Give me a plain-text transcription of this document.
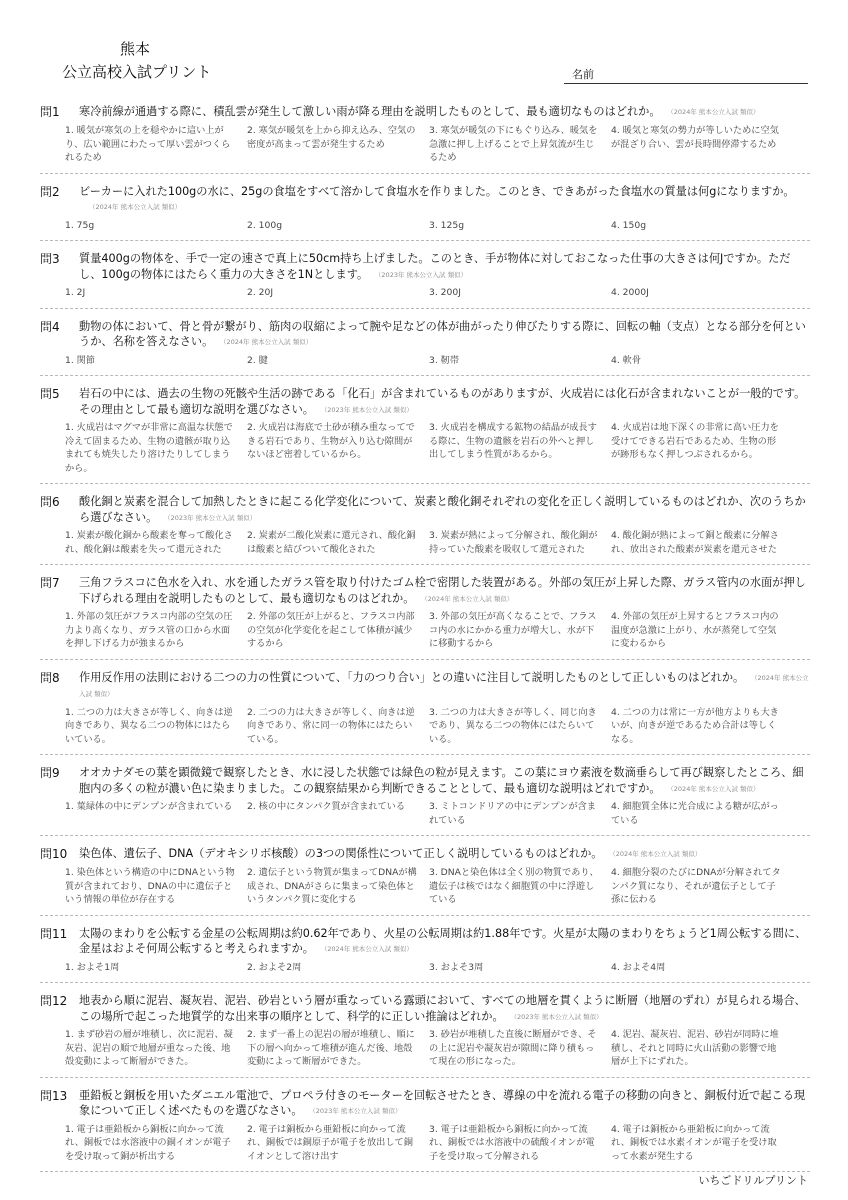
熊本
公立高校入試プリント	名前
問1	寒冷前線が通過する際に、積乱雲が発生して激しい雨が降る理由を説明したものとして、最も適切なものはどれか。 （2024年 熊本公立入試 類似）
1. 暖気が寒気の上を穏やかに這い上がり、広い範囲にわたって厚い雲がつくられるため
2. 寒気が暖気を上から抑え込み、空気の密度が高まって雲が発生するため
3. 寒気が暖気の下にもぐり込み、暖気を急激に押し上げることで上昇気流が生じるため
4. 暖気と寒気の勢力が等しいために空気が混ざり合い、雲が長時間停滞するため
問2	ビーカーに入れた100gの水に、25gの食塩をすべて溶かして食塩水を作りました。このとき、できあがった食塩水の質量は何gになりますか。（2024年 熊本公立入試 類似）
1. 75g	2. 100g	3. 125g	4. 150g
問3	質量400gの物体を、手で一定の速さで真上に50cm持ち上げました。このとき、手が物体に対しておこなった仕事の大きさは何Jですか。ただし、100gの物体にはたらく重力の大きさを1Nとします。 （2023年 熊本公立入試 類似）
1. 2J	2. 20J	3. 200J	4. 2000J
問4	動物の体において、骨と骨が繋がり、筋肉の収縮によって腕や足などの体が曲がったり伸びたりする際に、回転の軸（支点）となる部分を何というか、名称を答えなさい。 （2024年 熊本公立入試 類似）
1. 関節	2. 腱	3. 靭帯	4. 軟骨
問5	岩石の中には、過去の生物の死骸や生活の跡である「化石」が含まれているものがありますが、火成岩には化石が含まれないことが一般的です。その理由として最も適切な説明を選びなさい。 （2023年 熊本公立入試 類似）
1. 火成岩はマグマが非常に高温な状態で冷えて固まるため、生物の遺骸が取り込まれても焼失したり溶けたりしてしまうから。
2. 火成岩は海底で土砂が積み重なってできる岩石であり、生物が入り込む隙間がないほど密着しているから。
3. 火成岩を構成する鉱物の結晶が成長する際に、生物の遺骸を岩石の外へと押し出してしまう性質があるから。
4. 火成岩は地下深くの非常に高い圧力を受けてできる岩石であるため、生物の形が跡形もなく押しつぶされるから。
問6	酸化銅と炭素を混合して加熱したときに起こる化学変化について、炭素と酸化銅それぞれの変化を正しく説明しているものはどれか、次のうちから選びなさい。 （2023年 熊本公立入試 類似）
1. 炭素が酸化銅から酸素を奪って酸化され、酸化銅は酸素を失って還元された
2. 炭素が二酸化炭素に還元され、酸化銅は酸素と結びついて酸化された
3. 炭素が熱によって分解され、酸化銅が持っていた酸素を吸収して還元された
4. 酸化銅が熱によって銅と酸素に分解され、放出された酸素が炭素を還元させた
問7	三角フラスコに色水を入れ、水を通したガラス管を取り付けたゴム栓で密閉した装置がある。外部の気圧が上昇した際、ガラス管内の水面が押し下げられる理由を説明したものとして、最も適切なものはどれか。 （2024年 熊本公立入試 類似）
1. 外部の気圧がフラスコ内部の空気の圧力より高くなり、ガラス管の口から水面を押し下げる力が強まるから
2. 外部の気圧が上がると、フラスコ内部の空気が化学変化を起こして体積が減少するから
3. 外部の気圧が高くなることで、フラスコ内の水にかかる重力が増大し、水が下に移動するから
4. 外部の気圧が上昇するとフラスコ内の温度が急激に上がり、水が蒸発して空気に変わるから
問8	作用反作用の法則における二つの力の性質について、「力のつり合い」との違いに注目して説明したものとして正しいものはどれか。 （2024年 熊本公立入試 類似）
1. 二つの力は大きさが等しく、向きは逆向きであり、異なる二つの物体にはたらいている。
2. 二つの力は大きさが等しく、向きは逆向きであり、常に同一の物体にはたらいている。
3. 二つの力は大きさが等しく、同じ向きであり、異なる二つの物体にはたらいている。
4. 二つの力は常に一方が他方よりも大きいが、向きが逆であるため合計は等しくなる。
問9	オオカナダモの葉を顕微鏡で観察したとき、水に浸した状態では緑色の粒が見えます。この葉にヨウ素液を数滴垂らして再び観察したところ、細胞内の多くの粒が濃い色に染まりました。この観察結果から判断できることとして、最も適切な説明はどれですか。 （2024年 熊本公立入試 類似）
1. 葉緑体の中にデンプンが含まれている	2. 核の中にタンパク質が含まれている	3. ミトコンドリアの中にデンプンが含まれている
4. 細胞質全体に光合成による糖が広がっている
問10	染色体、遺伝子、DNA（デオキシリボ核酸）の3つの関係性について正しく説明しているものはどれか。 （2024年 熊本公立入試 類似）
1. 染色体という構造の中にDNAという物質が含まれており、DNAの中に遺伝子という情報の単位が存在する
2. 遺伝子という物質が集まってDNAが構成され、DNAがさらに集まって染色体というタンパク質に変化する
3. DNAと染色体は全く別の物質であり、遺伝子は核ではなく細胞質の中に浮遊している
4. 細胞分裂のたびにDNAが分解されてタンパク質になり、それが遺伝子として子孫に伝わる
問11	太陽のまわりを公転する金星の公転周期は約0.62年であり、火星の公転周期は約1.88年です。火星が太陽のまわりをちょうど1周公転する間に、金星はおよそ何周公転すると考えられますか。 （2024年 熊本公立入試 類似）
1. およそ1周	2. およそ2周	3. およそ3周	4. およそ4周
問12	地表から順に泥岩、凝灰岩、泥岩、砂岩という層が重なっている露頭において、すべての地層を貫くように断層（地層のずれ）が見られる場合、この場所で起こった地質学的な出来事の順序として、科学的に正しい推論はどれか。 （2023年 熊本公立入試 類似）
1. まず砂岩の層が堆積し、次に泥岩、凝灰岩、泥岩の順で地層が重なった後、地殻変動によって断層ができた。
2. まず一番上の泥岩の層が堆積し、順に下の層へ向かって堆積が進んだ後、地殻変動によって断層ができた。
3. 砂岩が堆積した直後に断層ができ、その上に泥岩や凝灰岩が隙間に降り積もって現在の形になった。
4. 泥岩、凝灰岩、泥岩、砂岩が同時に堆積し、それと同時に火山活動の影響で地層が上下にずれた。
問13	亜鉛板と銅板を用いたダニエル電池で、プロペラ付きのモーターを回転させたとき、導線の中を流れる電子の移動の向きと、銅板付近で起こる現象について正しく述べたものを選びなさい。 （2023年 熊本公立入試 類似）
1. 電子は亜鉛板から銅板に向かって流れ、銅板では水溶液中の銅イオンが電子を受け取って銅が析出する
2. 電子は銅板から亜鉛板に向かって流れ、銅板では銅原子が電子を放出して銅イオンとして溶け出す
3. 電子は亜鉛板から銅板に向かって流れ、銅板では水溶液中の硫酸イオンが電子を受け取って分解される
4. 電子は銅板から亜鉛板に向かって流れ、銅板では水素イオンが電子を受け取って水素が発生する
いちごドリルプリント
